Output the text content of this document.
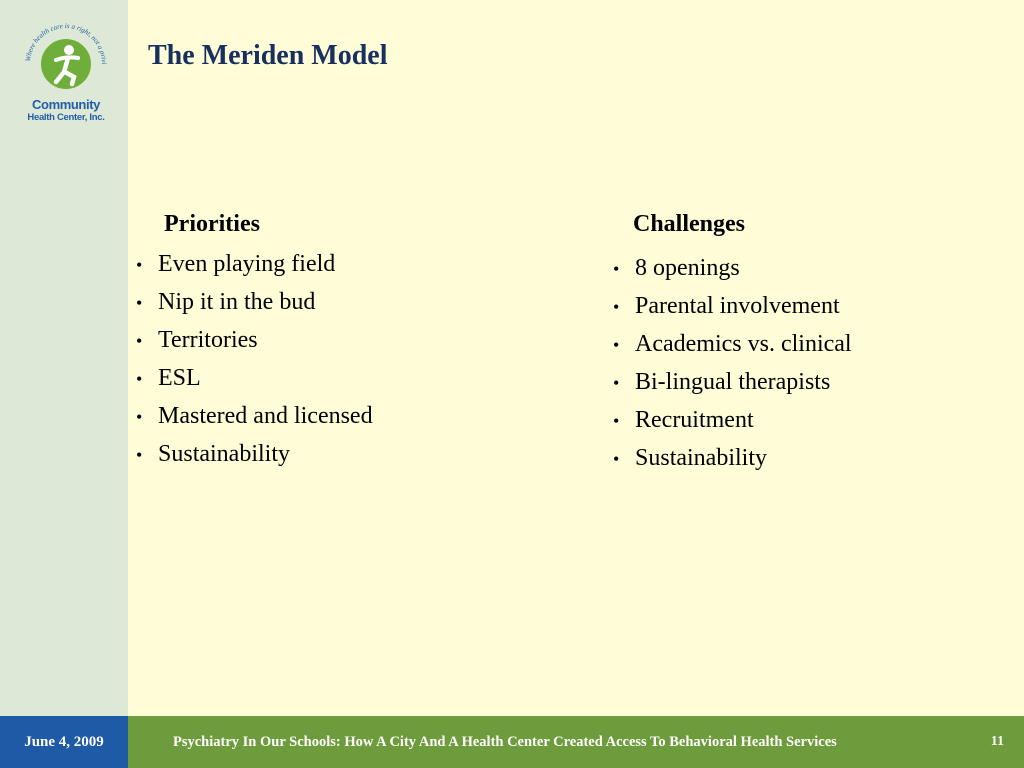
Where health care is a right, not a privi
Community
Health Center, Inc.
The Meriden Model
Priorities
• Even playing field
• Nip it in the bud
• Territories
• ESL
• Mastered and licensed
• Sustainability
Challenges
• 8 openings
• Parental involvement
• Academics vs. clinical
• Bi-lingual therapists
• Recruitment
• Sustainability
June 4, 2009	Psychiatry In Our Schools: How A City And A Health Center Created Access To Behavioral Health Services	11
